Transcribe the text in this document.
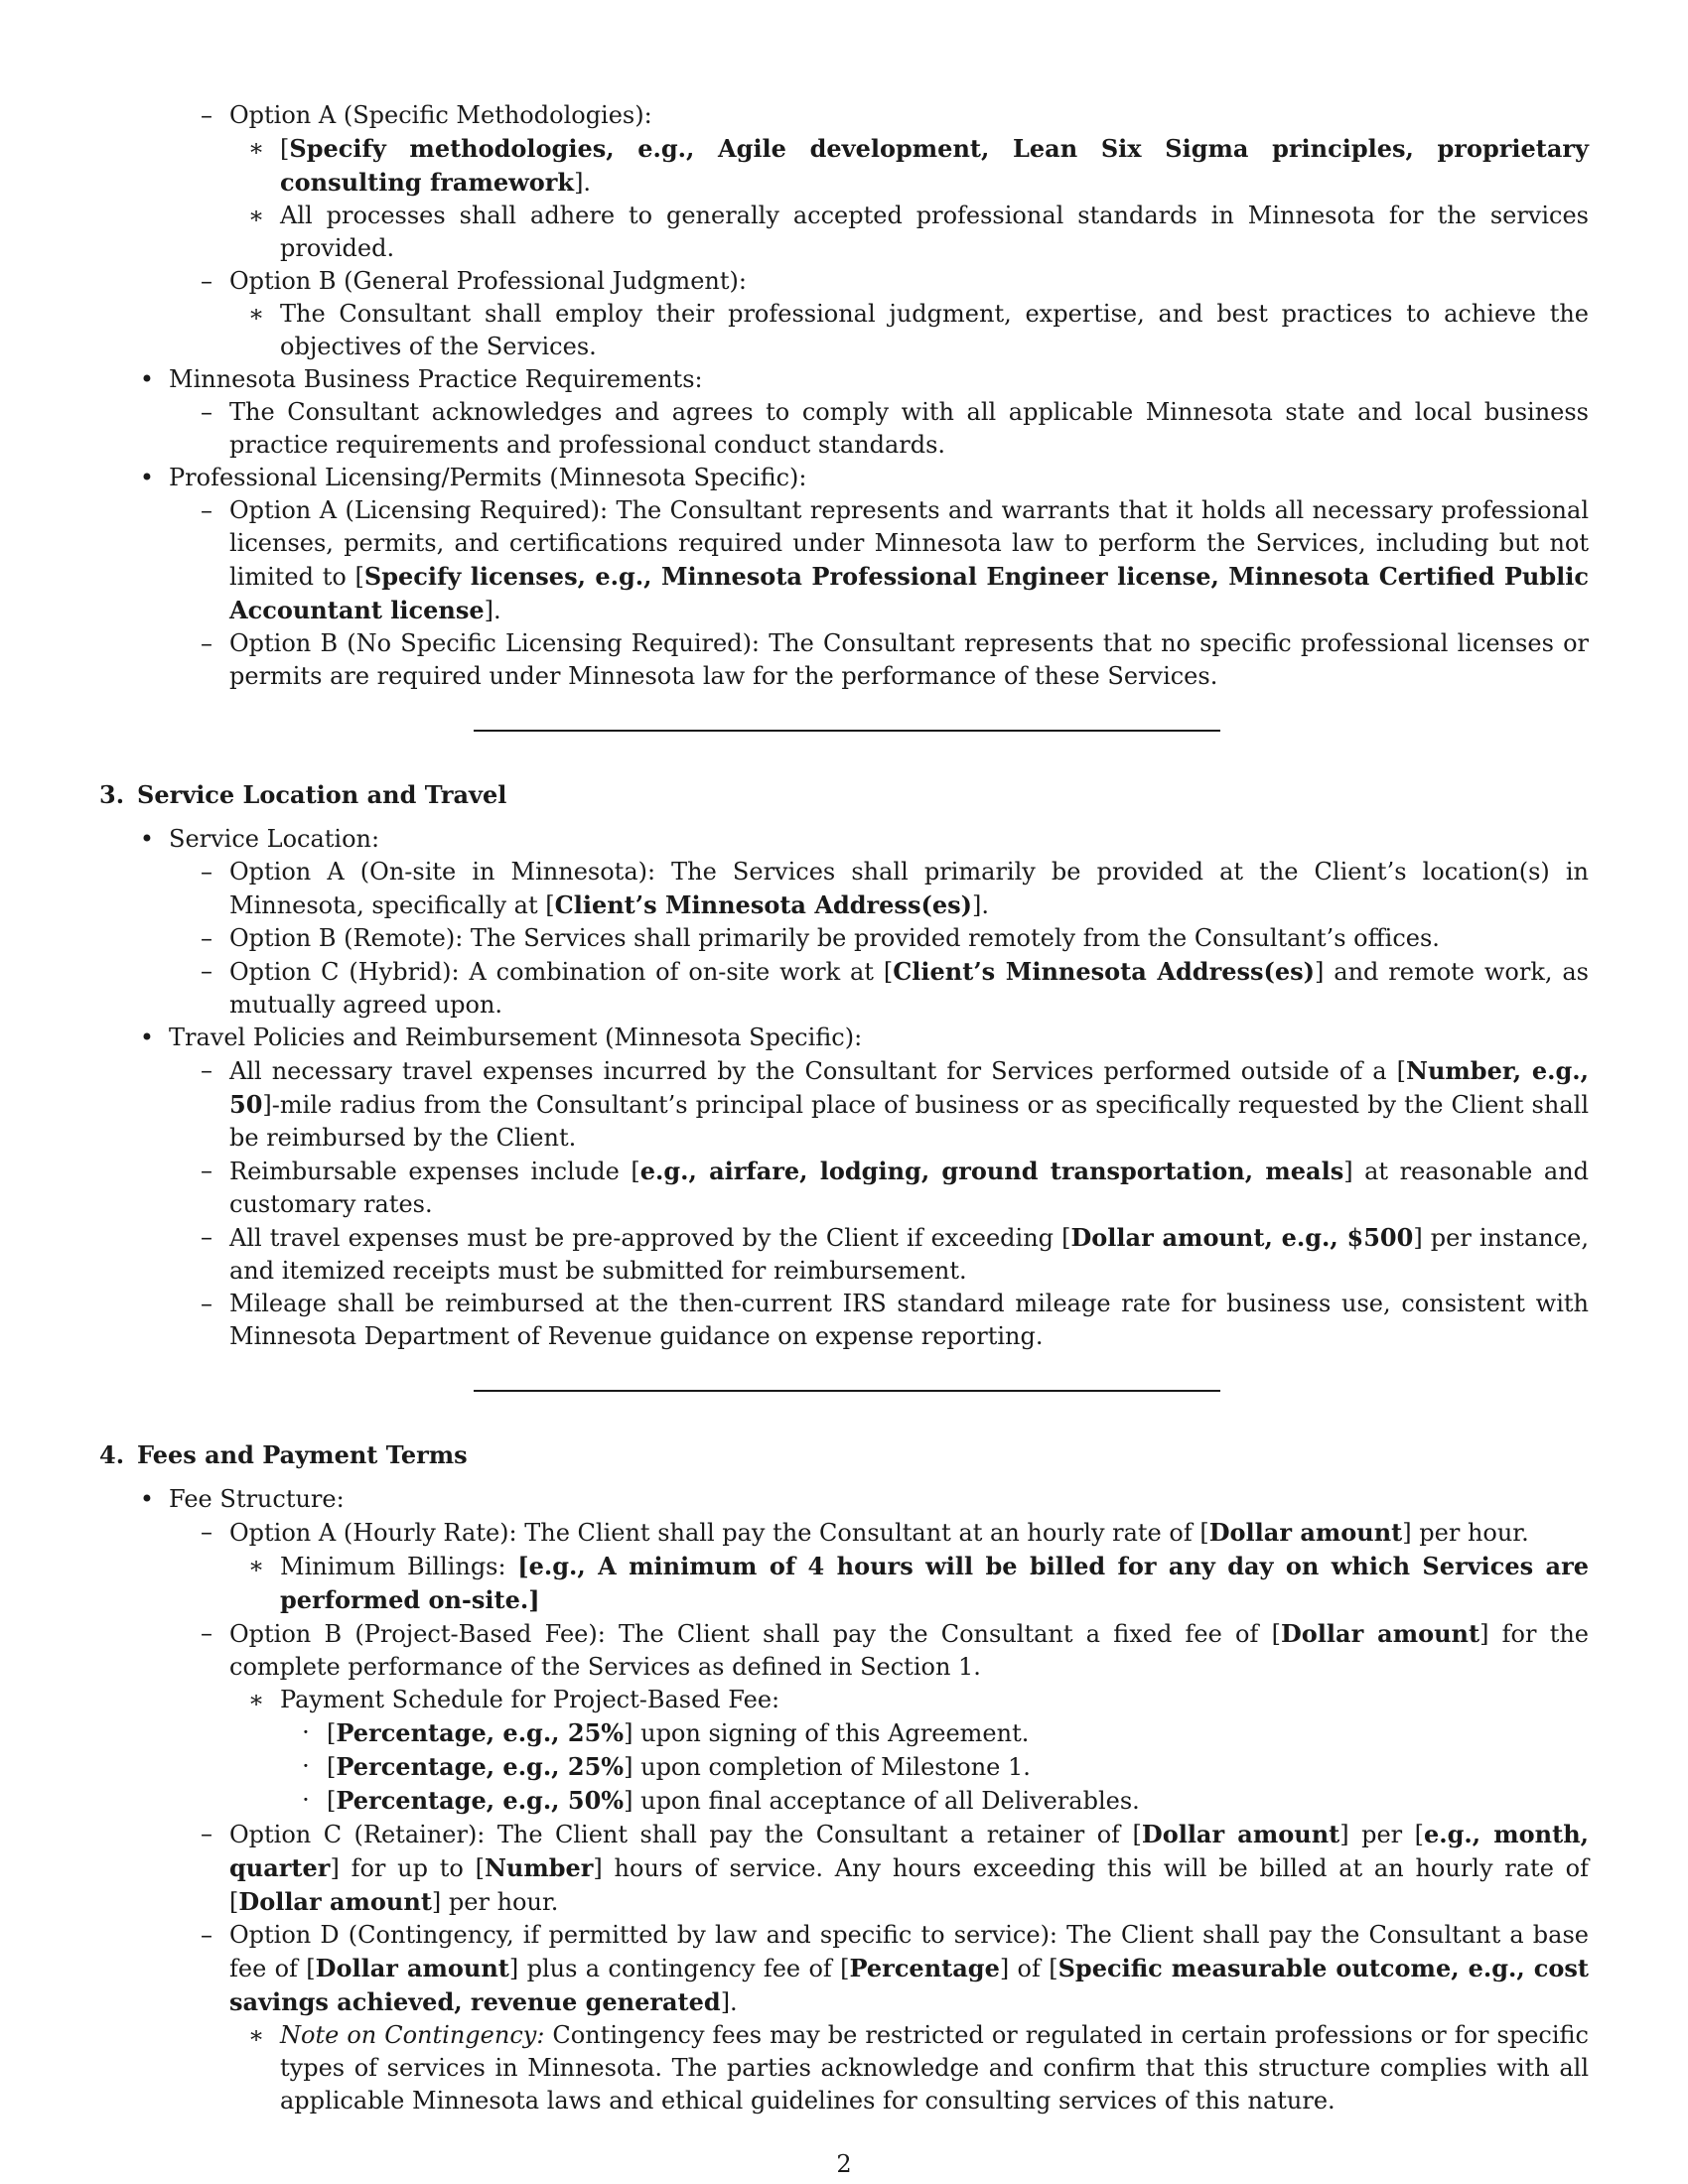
– Option A (Specific Methodologies):
∗ [Specify methodologies, e.g., Agile development, Lean Six Sigma principles, proprietary consulting framework].
∗ All processes shall adhere to generally accepted professional standards in Minnesota for the services provided.
– Option B (General Professional Judgment):
∗ The Consultant shall employ their professional judgment, expertise, and best practices to achieve the objectives of the Services.
• Minnesota Business Practice Requirements:
– The Consultant acknowledges and agrees to comply with all applicable Minnesota state and local business practice requirements and professional conduct standards.
• Professional Licensing/Permits (Minnesota Specific):
– Option A (Licensing Required): The Consultant represents and warrants that it holds all necessary professional licenses, permits, and certifications required under Minnesota law to perform the Services, including but not limited to [Specify licenses, e.g., Minnesota Professional Engineer license, Minnesota Certified Public Accountant license].
– Option B (No Specific Licensing Required): The Consultant represents that no specific professional licenses or permits are required under Minnesota law for the performance of these Services.
3. Service Location and Travel
• Service Location:
– Option A (On-site in Minnesota): The Services shall primarily be provided at the Client’s location(s) in Minnesota, specifically at [Client’s Minnesota Address(es)].
– Option B (Remote): The Services shall primarily be provided remotely from the Consultant’s offices.
– Option C (Hybrid): A combination of on-site work at [Client’s Minnesota Address(es)] and remote work, as mutually agreed upon.
• Travel Policies and Reimbursement (Minnesota Specific):
– All necessary travel expenses incurred by the Consultant for Services performed outside of a [Number, e.g., 50]-mile radius from the Consultant’s principal place of business or as specifically requested by the Client shall be reimbursed by the Client.
– Reimbursable expenses include [e.g., airfare, lodging, ground transportation, meals] at reasonable and customary rates.
– All travel expenses must be pre-approved by the Client if exceeding [Dollar amount, e.g., $500] per instance, and itemized receipts must be submitted for reimbursement.
– Mileage shall be reimbursed at the then-current IRS standard mileage rate for business use, consistent with Minnesota Department of Revenue guidance on expense reporting.
4. Fees and Payment Terms
• Fee Structure:
– Option A (Hourly Rate): The Client shall pay the Consultant at an hourly rate of [Dollar amount] per hour.
∗ Minimum Billings: [e.g., A minimum of 4 hours will be billed for any day on which Services are performed on-site.]
– Option B (Project-Based Fee): The Client shall pay the Consultant a fixed fee of [Dollar amount] for the complete performance of the Services as defined in Section 1.
∗ Payment Schedule for Project-Based Fee:
· [Percentage, e.g., 25%] upon signing of this Agreement.
· [Percentage, e.g., 25%] upon completion of Milestone 1.
· [Percentage, e.g., 50%] upon final acceptance of all Deliverables.
– Option C (Retainer): The Client shall pay the Consultant a retainer of [Dollar amount] per [e.g., month, quarter] for up to [Number] hours of service. Any hours exceeding this will be billed at an hourly rate of [Dollar amount] per hour.
– Option D (Contingency, if permitted by law and specific to service): The Client shall pay the Consultant a base fee of [Dollar amount] plus a contingency fee of [Percentage] of [Specific measurable outcome, e.g., cost savings achieved, revenue generated].
∗ Note on Contingency: Contingency fees may be restricted or regulated in certain professions or for specific types of services in Minnesota. The parties acknowledge and confirm that this structure complies with all applicable Minnesota laws and ethical guidelines for consulting services of this nature.
2
